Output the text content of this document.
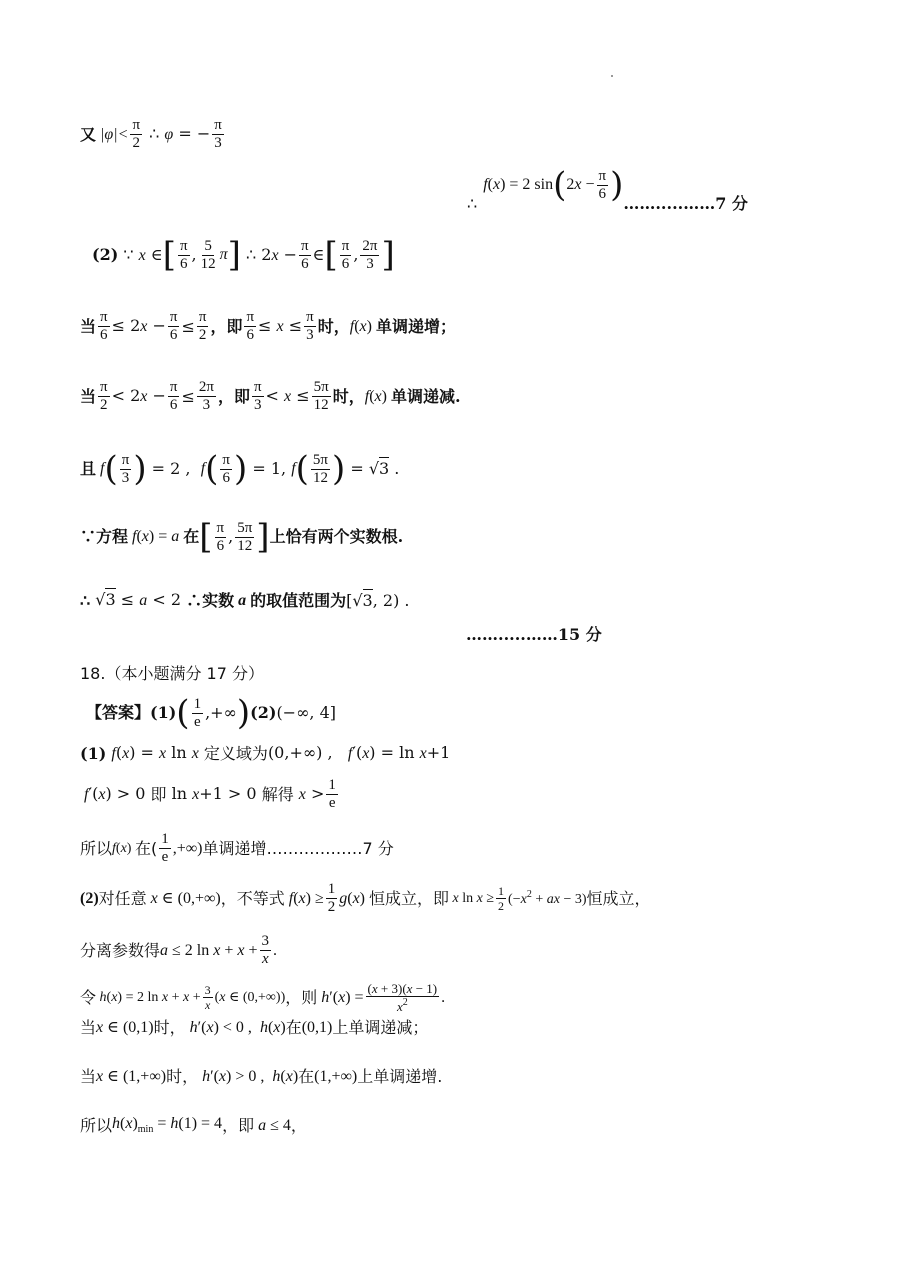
又 $|\varphi|< \frac{\pi}{2}$ ∴ φ = − $\frac{\pi}{3}$
∴
f (x) = 2 sin ( $2x - \frac{\pi}{6}$ ) …….....……7 分
(2) ∵ x ∈ [ $\frac{\pi}{6}$ , $\frac{5}{12}$ π ] ∴ $2x - \frac{\pi}{6}$ ∈ [ $\frac{\pi}{6}$ , $\frac{2\pi}{3}$ ]
当 $\frac{\pi}{6} \le 2x - \frac{\pi}{6} \le \frac{\pi}{2}$ ，即 $\frac{\pi}{6} \le x \le \frac{\pi}{3}$ 时， f (x) 单调递增；
当 $\frac{\pi}{2} < 2x - \frac{\pi}{6} \le \frac{2\pi}{3}$ ，即 $\frac{\pi}{3} < x \le \frac{5\pi}{12}$ 时， f (x) 单调递减.
且 f ( $\frac{\pi}{3}$ ) = 2 , f ( $\frac{\pi}{6}$ ) = 1, f ( $\frac{5\pi}{12}$ ) = √3 .
∵方程 f (x) = a 在 [ $\frac{\pi}{6}$ , $\frac{5\pi}{12}$ ] 上恰有两个实数根.
∴ √3 ≤ a < 2 ∴实数 a 的取值范围为 [√3, 2) .
…….....……15 分
18.（本小题满分 17 分）
【答案】 (1) ( $\frac{1}{e}$ ,+∞ ) (2) (−∞, 4]
(1) f(x) = x ln x 定义域为 (0,+∞) ,   f′(x) = ln x+1
f′(x) > 0 即 ln x+1 > 0 解得 $x > \frac{1}{e}$
所以 f(x) 在( $\frac{1}{e}$ ,+∞) 单调递增………………7 分
(2) 对任意 x ∈ (0,+∞) ，不等式 $f(x) \ge \frac{1}{2} g(x)$ 恒成立，即 x $\ln x \ge \frac{1}{2} (-x^2$ + ax − 3) 恒成立，
分离参数得 a ≤ 2 $\ln x + x + \frac{3}{x}$ .
令 h(x) = 2 $\ln x + x + \frac{3}{x} (x$ ∈ (0,+∞)) ，则 $h'(x) = \frac{(x + 3)(x - 1)}{x^2}$ .
当 x ∈ (0,1) 时， h′(x) < 0 ,  h(x) 在 (0,1) 上单调递减；
当 x ∈ (1,+∞) 时， h′(x) > 0 ,  h(x) 在 (1,+∞) 上单调递增.
所以 $h(x)_{min} = h(1) = 4$ ，即 a ≤ 4 ，
